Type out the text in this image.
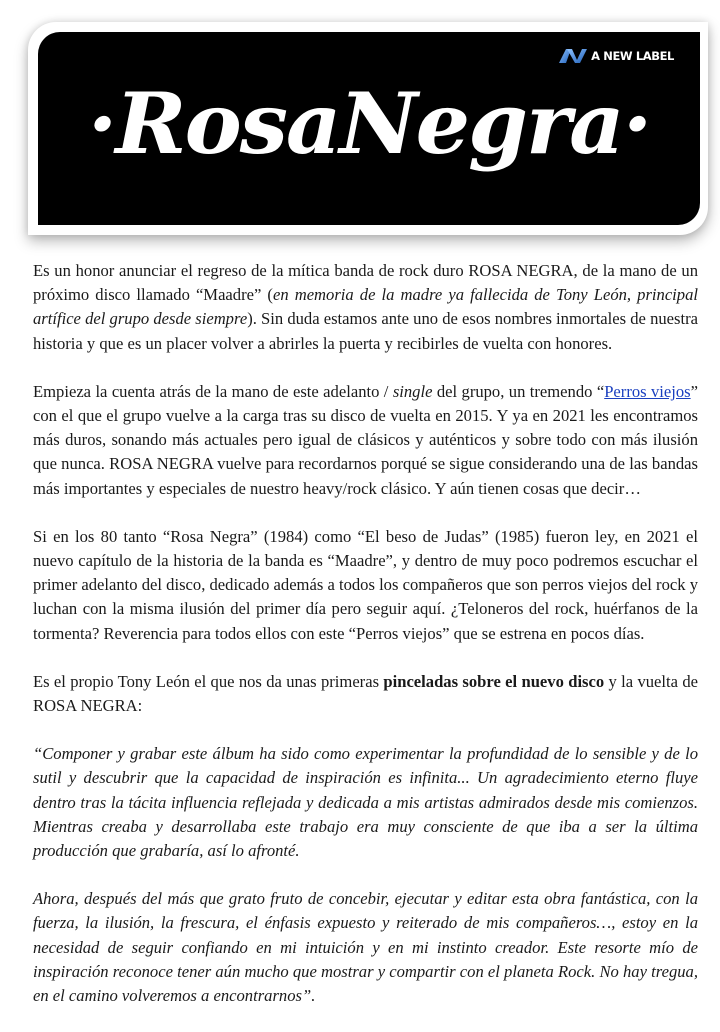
A NEW LABEL
·RosaNegra·

Es un honor anunciar el regreso de la mítica banda de rock duro ROSA NEGRA, de la mano de un próximo disco llamado “Maadre” (en memoria de la madre ya fallecida de Tony León, principal artífice del grupo desde siempre). Sin duda estamos ante uno de esos nombres inmortales de nuestra historia y que es un placer volver a abrirles la puerta y recibirles de vuelta con honores.

Empieza la cuenta atrás de la mano de este adelanto / single del grupo, un tremendo “Perros viejos” con el que el grupo vuelve a la carga tras su disco de vuelta en 2015. Y ya en 2021 les encontramos más duros, sonando más actuales pero igual de clásicos y auténticos y sobre todo con más ilusión que nunca. ROSA NEGRA vuelve para recordarnos porqué se sigue considerando una de las bandas más importantes y especiales de nuestro heavy/rock clásico. Y aún tienen cosas que decir…

Si en los 80 tanto “Rosa Negra” (1984) como “El beso de Judas” (1985) fueron ley, en 2021 el nuevo capítulo de la historia de la banda es “Maadre”, y dentro de muy poco podremos escuchar el primer adelanto del disco, dedicado además a todos los compañeros que son perros viejos del rock y luchan con la misma ilusión del primer día pero seguir aquí. ¿Teloneros del rock, huérfanos de la tormenta? Reverencia para todos ellos con este “Perros viejos” que se estrena en pocos días.

Es el propio Tony León el que nos da unas primeras pinceladas sobre el nuevo disco y la vuelta de ROSA NEGRA:

“Componer y grabar este álbum ha sido como experimentar la profundidad de lo sensible y de lo sutil y descubrir que la capacidad de inspiración es infinita... Un agradecimiento eterno fluye dentro tras la tácita influencia reflejada y dedicada a mis artistas admirados desde mis comienzos. Mientras creaba y desarrollaba este trabajo era muy consciente de que iba a ser la última producción que grabaría, así lo afronté.

Ahora, después del más que grato fruto de concebir, ejecutar y editar esta obra fantástica, con la fuerza, la ilusión, la frescura, el énfasis expuesto y reiterado de mis compañeros…, estoy en la necesidad de seguir confiando en mi intuición y en mi instinto creador. Este resorte mío de inspiración reconoce tener aún mucho que mostrar y compartir con el planeta Rock. No hay tregua, en el camino volveremos a encontrarnos”.
